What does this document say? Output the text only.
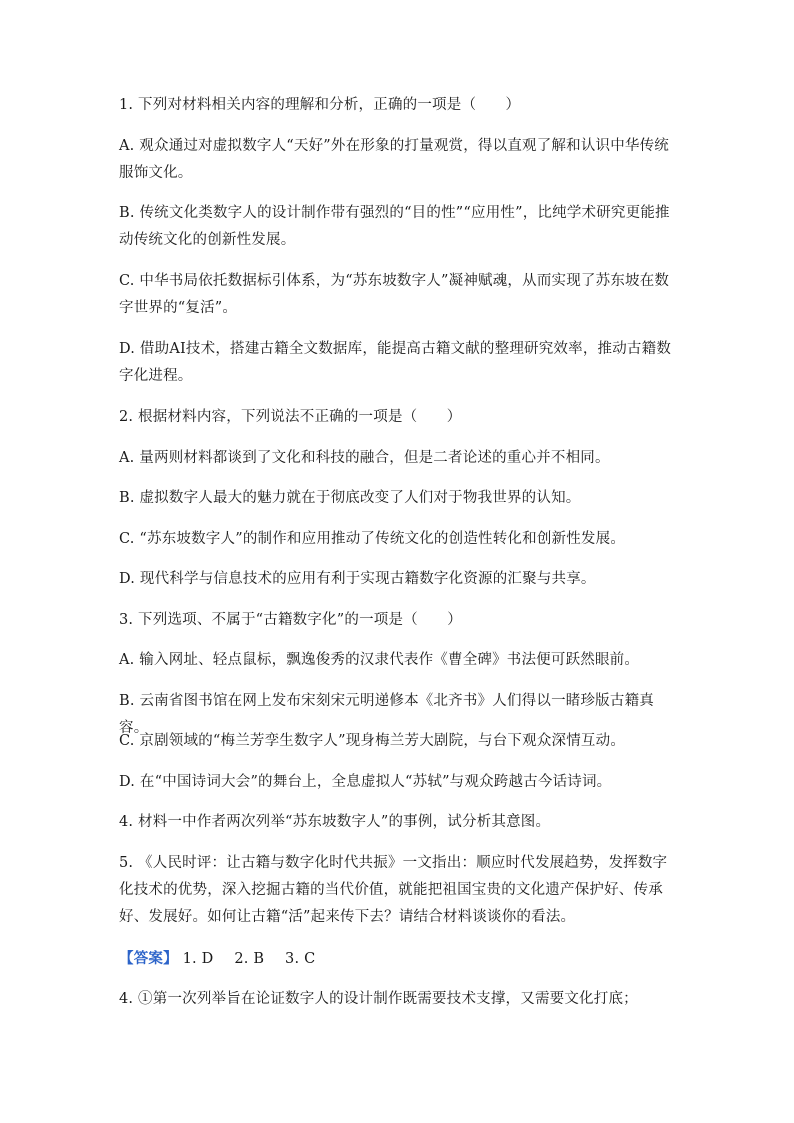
1. 下列对材料相关内容的理解和分析，正确的一项是（　　）

A. 观众通过对虚拟数字人“天好”外在形象的打量观赏，得以直观了解和认识中华传统服饰文化。

B. 传统文化类数字人的设计制作带有强烈的“目的性”“应用性”，比纯学术研究更能推动传统文化的创新性发展。

C. 中华书局依托数据标引体系，为“苏东坡数字人”凝神赋魂，从而实现了苏东坡在数字世界的“复活”。

D. 借助AI技术，搭建古籍全文数据库，能提高古籍文献的整理研究效率，推动古籍数字化进程。

2. 根据材料内容，下列说法不正确的一项是（　　）

A. 量两则材料都谈到了文化和科技的融合，但是二者论述的重心并不相同。

B. 虚拟数字人最大的魅力就在于彻底改变了人们对于物我世界的认知。

C. “苏东坡数字人”的制作和应用推动了传统文化的创造性转化和创新性发展。

D. 现代科学与信息技术的应用有利于实现古籍数字化资源的汇聚与共享。

3. 下列选项、不属于“古籍数字化”的一项是（　　）

A. 输入网址、轻点鼠标，飘逸俊秀的汉隶代表作《曹全碑》书法便可跃然眼前。

B. 云南省图书馆在网上发布宋刻宋元明递修本《北齐书》人们得以一睹珍版古籍真容。

C. 京剧领域的“梅兰芳孪生数字人”现身梅兰芳大剧院，与台下观众深情互动。

D. 在“中国诗词大会”的舞台上，全息虚拟人“苏轼”与观众跨越古今话诗词。

4. 材料一中作者两次列举“苏东坡数字人”的事例，试分析其意图。

5. 《人民时评：让古籍与数字化时代共振》一文指出：顺应时代发展趋势，发挥数字化技术的优势，深入挖掘古籍的当代价值，就能把祖国宝贵的文化遗产保护好、传承好、发展好。如何让古籍“活”起来传下去？请结合材料谈谈你的看法。

【答案】 1. D 2. B 3. C

4. ①第一次列举旨在论证数字人的设计制作既需要技术支撑，又需要文化打底；
